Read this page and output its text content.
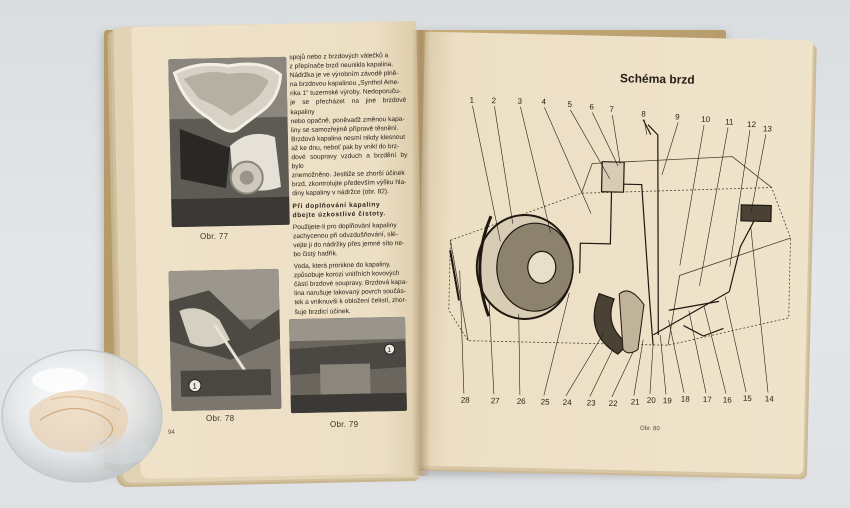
Obr. 77
1
Obr. 78
1
Obr. 79
94

spojů nebo z brzdových válečků a
z přepínače brzd neunikla kapalina.
Nádržka je ve výrobním závodě plně-
na brzdovou kapalinou „Synthol Ame-
rika 1“ tuzemské výroby. Nedoporuču-
je se přecházet na jiné brzdové kapaliny
nebo opačně, poněvadž změnou kapa-
liny se samozřejmě přípravě těsnění.
Brzdová kapalina nesmí nikdy klesnout
až ke dnu, neboť pak by vnikl do brz-
dové soupravy vzduch a brzdění by bylo
znemožněno. Jestliže se zhorší účinek
brzd, zkontrolujte především výšku hla-
diny kapaliny v nádržce (obr. 82).

Při doplňování kapaliny
dbejte úzkostlivé čistoty.

Použijete-li pro doplňování kapaliny
zachycenou při odvzdušňování, slé-
vejte ji do nádržky přes jemné síto ne-
bo čistý hadřík.

Voda, která pronikne do kapaliny,
způsobuje korozi vnitřních kovových
částí brzdové soupravy. Brzdová kapa-
lina narušuje lakovaný povrch součás-
tek a vniknuvši k obložení čelistí, zhor-
šuje brzdicí účinek.

Schéma brzd
1 2	3 4	5 6 7
8	9	10 11 12 13
28	27 26 25 24 23 22 21 20 19 18 17 16 15 14
Obr. 80
